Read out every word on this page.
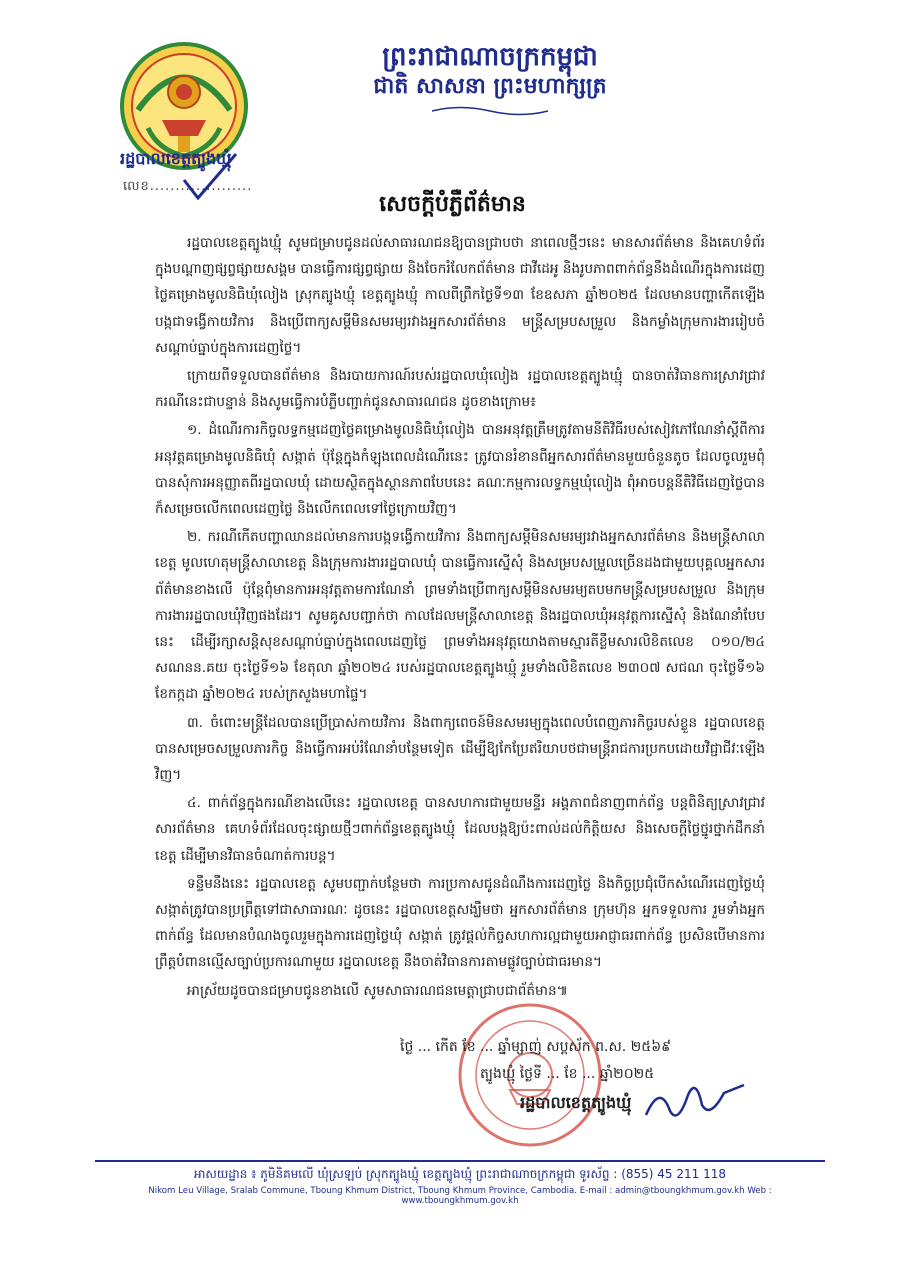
រដ្ឋបាលខេត្តត្បូងឃ្មុំ
លេខ....................
ព្រះរាជាណាចក្រកម្ពុជា
ជាតិ សាសនា ព្រះមហាក្សត្រ
សេចក្តីបំភ្លឺព័ត៌មាន

រដ្ឋបាលខេត្តត្បូងឃ្មុំ សូមជម្រាបជូនដល់សាធារណជនឱ្យបានជ្រាបថា នាពេលថ្មីៗនេះ មានសារព័ត៌មាន និងគេហទំព័រក្នុងបណ្តាញផ្សព្វផ្សាយសង្គម បានធ្វើការផ្សព្វផ្សាយ និងចែករំលែកព័ត៌មាន ជាវីដេអូ និងរូបភាពពាក់ព័ន្ធនឹងដំណើរក្នុងការដេញថ្លៃគម្រោងមូលនិធិឃុំលៀង ស្រុកត្បូងឃ្មុំ ខេត្តត្បូងឃ្មុំ កាលពីព្រឹកថ្ងៃទី១៣ ខែឧសភា ឆ្នាំ២០២៥ ដែលមានបញ្ហាកើតឡើងបង្កជាទង្វើកាយវិការ និងប្រើពាក្យសម្តីមិនសមរម្យរវាងអ្នកសារព័ត៌មាន មន្ត្រីសម្របសម្រួល និងកម្លាំងក្រុមការងាររៀបចំសណ្តាប់ធ្នាប់ក្នុងការដេញថ្លៃ។

ក្រោយពីទទួលបានព័ត៌មាន និងរបាយការណ៍របស់រដ្ឋបាលឃុំលៀង រដ្ឋបាលខេត្តត្បូងឃ្មុំ បានចាត់វិធានការស្រាវជ្រាវករណីនេះជាបន្ទាន់ និងសូមធ្វើការបំភ្លឺបញ្ជាក់ជូនសាធារណជន ដូចខាងក្រោម៖

១. ដំណើរការកិច្ចលទ្ធកម្មដេញថ្លៃគម្រោងមូលនិធិឃុំលៀង បានអនុវត្តត្រឹមត្រូវតាមនីតិវិធីរបស់សៀវភៅណែនាំស្តីពីការអនុវត្តគម្រោងមូលនិធិឃុំ សង្កាត់ ប៉ុន្តែក្នុងកំឡុងពេលដំណើរនេះ ត្រូវបានរំខានពីអ្នកសារព័ត៌មានមួយចំនួនតូច ដែលចូលរួមពុំបានសុំការអនុញ្ញាតពីរដ្ឋបាលឃុំ ដោយស្ថិតក្នុងស្ថានភាពបែបនេះ គណៈកម្មការលទ្ធកម្មឃុំលៀង ពុំអាចបន្តនីតិវិធីដេញថ្លៃបាន ក៏សម្រេចលើកពេលដេញថ្លៃ និងលើកពេលទៅថ្ងៃក្រោយវិញ។

២. ករណីកើតបញ្ហាឈានដល់មានការបង្កទង្វើកាយវិការ និងពាក្យសម្តីមិនសមរម្យរវាងអ្នកសារព័ត៌មាន និងមន្ត្រីសាលាខេត្ត មូលហេតុមន្ត្រីសាលាខេត្ត និងក្រុមការងាររដ្ឋបាលឃុំ បានធ្វើការស្នើសុំ និងសម្របសម្រួលច្រើនដងជាមួយបុគ្គលអ្នកសារព័ត៌មានខាងលើ ប៉ុន្តែពុំមានការអនុវត្តតាមការណែនាំ ព្រមទាំងប្រើពាក្យសម្តីមិនសមរម្យតបមកមន្ត្រីសម្របសម្រួល និងក្រុមការងាររដ្ឋបាលឃុំវិញផងដែរ។ សូមគូសបញ្ជាក់ថា កាលដែលមន្ត្រីសាលាខេត្ត និងរដ្ឋបាលឃុំអនុវត្តការស្នើសុំ និងណែនាំបែបនេះ ដើម្បីរក្សាសន្តិសុខសណ្តាប់ធ្នាប់ក្នុងពេលដេញថ្លៃ ព្រមទាំងអនុវត្តយោងតាមស្មារតីខ្លឹមសារលិខិតលេខ ០១០/២៤ សណនន.គយ ចុះថ្ងៃទី១៦ ខែតុលា ឆ្នាំ២០២៤ របស់រដ្ឋបាលខេត្តត្បូងឃ្មុំ រួមទាំងលិខិតលេខ ២៣០៧ សជណ ចុះថ្ងៃទី១៦ ខែកក្កដា ឆ្នាំ២០២៤ របស់ក្រសួងមហាផ្ទៃ។

៣. ចំពោះមន្ត្រីដែលបានប្រើប្រាស់កាយវិការ និងពាក្យពេចន៍មិនសមរម្យក្នុងពេលបំពេញភារកិច្ចរបស់ខ្លួន រដ្ឋបាលខេត្ត បានសម្រេចសម្រួលភារកិច្ច និងធ្វើការអប់រំណែនាំបន្ថែមទៀត ដើម្បីឱ្យកែប្រែឥរិយាបថជាមន្ត្រីរាជការប្រកបដោយវិជ្ជាជីវៈឡើងវិញ។

៤. ពាក់ព័ន្ធក្នុងករណីខាងលើនេះ រដ្ឋបាលខេត្ត បានសហការជាមួយមន្ទីរ អង្គភាពជំនាញពាក់ព័ន្ធ បន្តពិនិត្យស្រាវជ្រាវសារព័ត៌មាន គេហទំព័រដែលចុះផ្សាយថ្មីៗពាក់ព័ន្ធខេត្តត្បូងឃ្មុំ ដែលបង្កឱ្យប៉ះពាល់ដល់កិត្តិយស និងសេចក្តីថ្លៃថ្នូរថ្នាក់ដឹកនាំខេត្ត ដើម្បីមានវិធានចំណាត់ការបន្ត។

ទន្ទឹមនឹងនេះ រដ្ឋបាលខេត្ត សូមបញ្ជាក់បន្ថែមថា ការប្រកាសជូនដំណឹងការដេញថ្លៃ និងកិច្ចប្រជុំបើកសំណើរដេញថ្លៃឃុំ សង្កាត់ត្រូវបានប្រព្រឹត្តទៅជាសាធារណៈ ដូចនេះ រដ្ឋបាលខេត្តសង្ឃឹមថា អ្នកសារព័ត៌មាន ក្រុមហ៊ុន អ្នកទទួលការ រួមទាំងអ្នកពាក់ព័ន្ធ ដែលមានបំណងចូលរួមក្នុងការដេញថ្លៃឃុំ សង្កាត់ ត្រូវផ្តល់កិច្ចសហការល្អជាមួយអាជ្ញាធរពាក់ព័ន្ធ ប្រសិនបើមានការព្រឹត្តបំពានល្មើសច្បាប់ប្រការណាមួយ រដ្ឋបាលខេត្ត នឹងចាត់វិធានការតាមផ្លូវច្បាប់ជាធរមាន។

អាស្រ័យដូចបានជម្រាបជូនខាងលើ សូមសាធារណជនមេត្តាជ្រាបជាព័ត៌មាន៕

ថ្ងៃ ... កើត ខែ ... ឆ្នាំម្សាញ់ សប្តស័ក ព.ស. ២៥៦៩
ត្បូងឃ្មុំ ថ្ងៃទី ... ខែ ... ឆ្នាំ២០២៥
រដ្ឋបាលខេត្តត្បូងឃ្មុំ
អាសយដ្ឋាន ៖ ភូមិនិគមលើ ឃុំស្រឡប់ ស្រុកត្បូងឃ្មុំ ខេត្តត្បូងឃ្មុំ ព្រះរាជាណាចក្រកម្ពុជា ទូរស័ព្ទ : (855) 45 211 118
Nikom Leu Village, Sralab Commune, Tboung Khmum District, Tboung Khmum Province, Cambodia. E-mail : admin@tboungkhmum.gov.kh Web : www.tboungkhmum.gov.kh
